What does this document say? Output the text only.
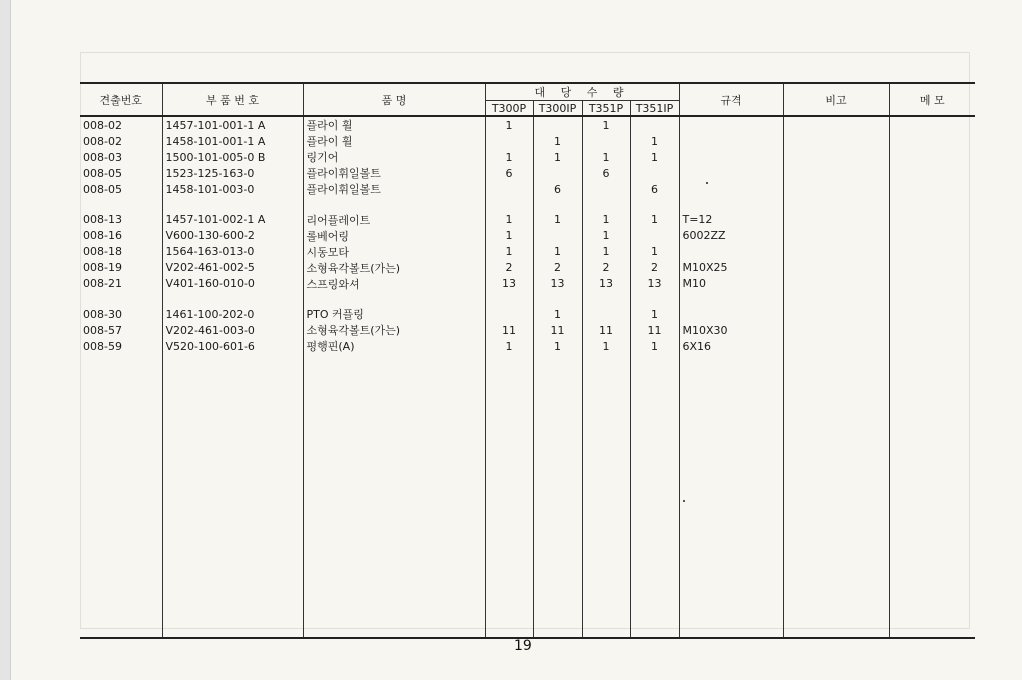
견출번호	부 품 번 호	품 명	대 당 수 량				규격	비고	메 모
			T300P	T300IP	T351P	T351IP			
008-02	1457-101-001-1 A	플라이 휠	1		1				
008-02	1458-101-001-1 A	플라이 휠		1		1			
008-03	1500-101-005-0 B	링기어	1	1	1	1			
008-05	1523-125-163-0	플라이휘일볼트	6		6				
008-05	1458-101-003-0	플라이휘일볼트		6		6			

008-13	1457-101-002-1 A	리어플레이트	1	1	1	1	T=12		
008-16	V600-130-600-2	롤베어링	1		1		6002ZZ		
008-18	1564-163-013-0	시동모타	1	1	1	1			
008-19	V202-461-002-5	소형육각볼트(가는)	2	2	2	2	M10X25		
008-21	V401-160-010-0	스프링와셔	13	13	13	13	M10		

008-30	1461-100-202-0	PTO 커플링		1		1			
008-57	V202-461-003-0	소형육각볼트(가는)	11	11	11	11	M10X30		
008-59	V520-100-601-6	평행핀(A)	1	1	1	1	6X16		

19
